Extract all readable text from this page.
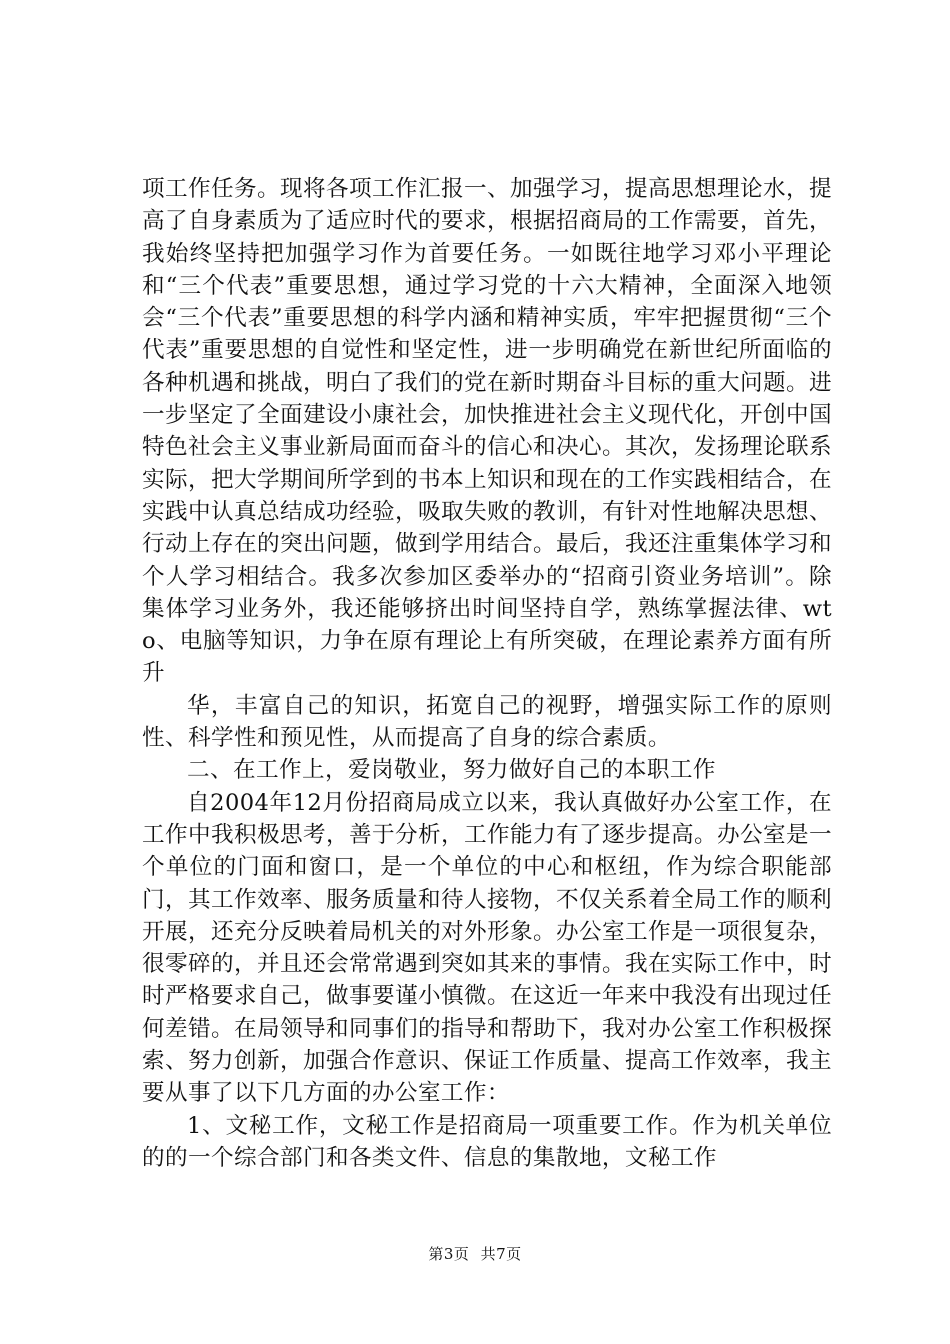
项工作任务。现将各项工作汇报一、加强学习，提高思想理论水，提高了自身素质为了适应时代的要求，根据招商局的工作需要，首先，我始终坚持把加强学习作为首要任务。一如既往地学习邓小平理论和“三个代表”重要思想，通过学习党的十六大精神，全面深入地领会“三个代表”重要思想的科学内涵和精神实质，牢牢把握贯彻“三个代表”重要思想的自觉性和坚定性，进一步明确党在新世纪所面临的各种机遇和挑战，明白了我们的党在新时期奋斗目标的重大问题。进一步坚定了全面建设小康社会，加快推进社会主义现代化，开创中国特色社会主义事业新局面而奋斗的信心和决心。其次，发扬理论联系实际，把大学期间所学到的书本上知识和现在的工作实践相结合，在实践中认真总结成功经验，吸取失败的教训，有针对性地解决思想、行动上存在的突出问题，做到学用结合。最后，我还注重集体学习和个人学习相结合。我多次参加区委举办的“招商引资业务培训”。除集体学习业务外，我还能够挤出时间坚持自学，熟练掌握法律、wto、电脑等知识，力争在原有理论上有所突破，在理论素养方面有所升

华，丰富自己的知识，拓宽自己的视野，增强实际工作的原则性、科学性和预见性，从而提高了自身的综合素质。

二、在工作上，爱岗敬业，努力做好自己的本职工作

自2004年12月份招商局成立以来，我认真做好办公室工作，在工作中我积极思考，善于分析，工作能力有了逐步提高。办公室是一个单位的门面和窗口，是一个单位的中心和枢纽，作为综合职能部门，其工作效率、服务质量和待人接物，不仅关系着全局工作的顺利开展，还充分反映着局机关的对外形象。办公室工作是一项很复杂，很零碎的，并且还会常常遇到突如其来的事情。我在实际工作中，时时严格要求自己，做事要谨小慎微。在这近一年来中我没有出现过任何差错。在局领导和同事们的指导和帮助下，我对办公室工作积极探索、努力创新，加强合作意识、保证工作质量、提高工作效率，我主要从事了以下几方面的办公室工作：

1、文秘工作，文秘工作是招商局一项重要工作。作为机关单位的的一个综合部门和各类文件、信息的集散地，文秘工作

第3页 共7页
